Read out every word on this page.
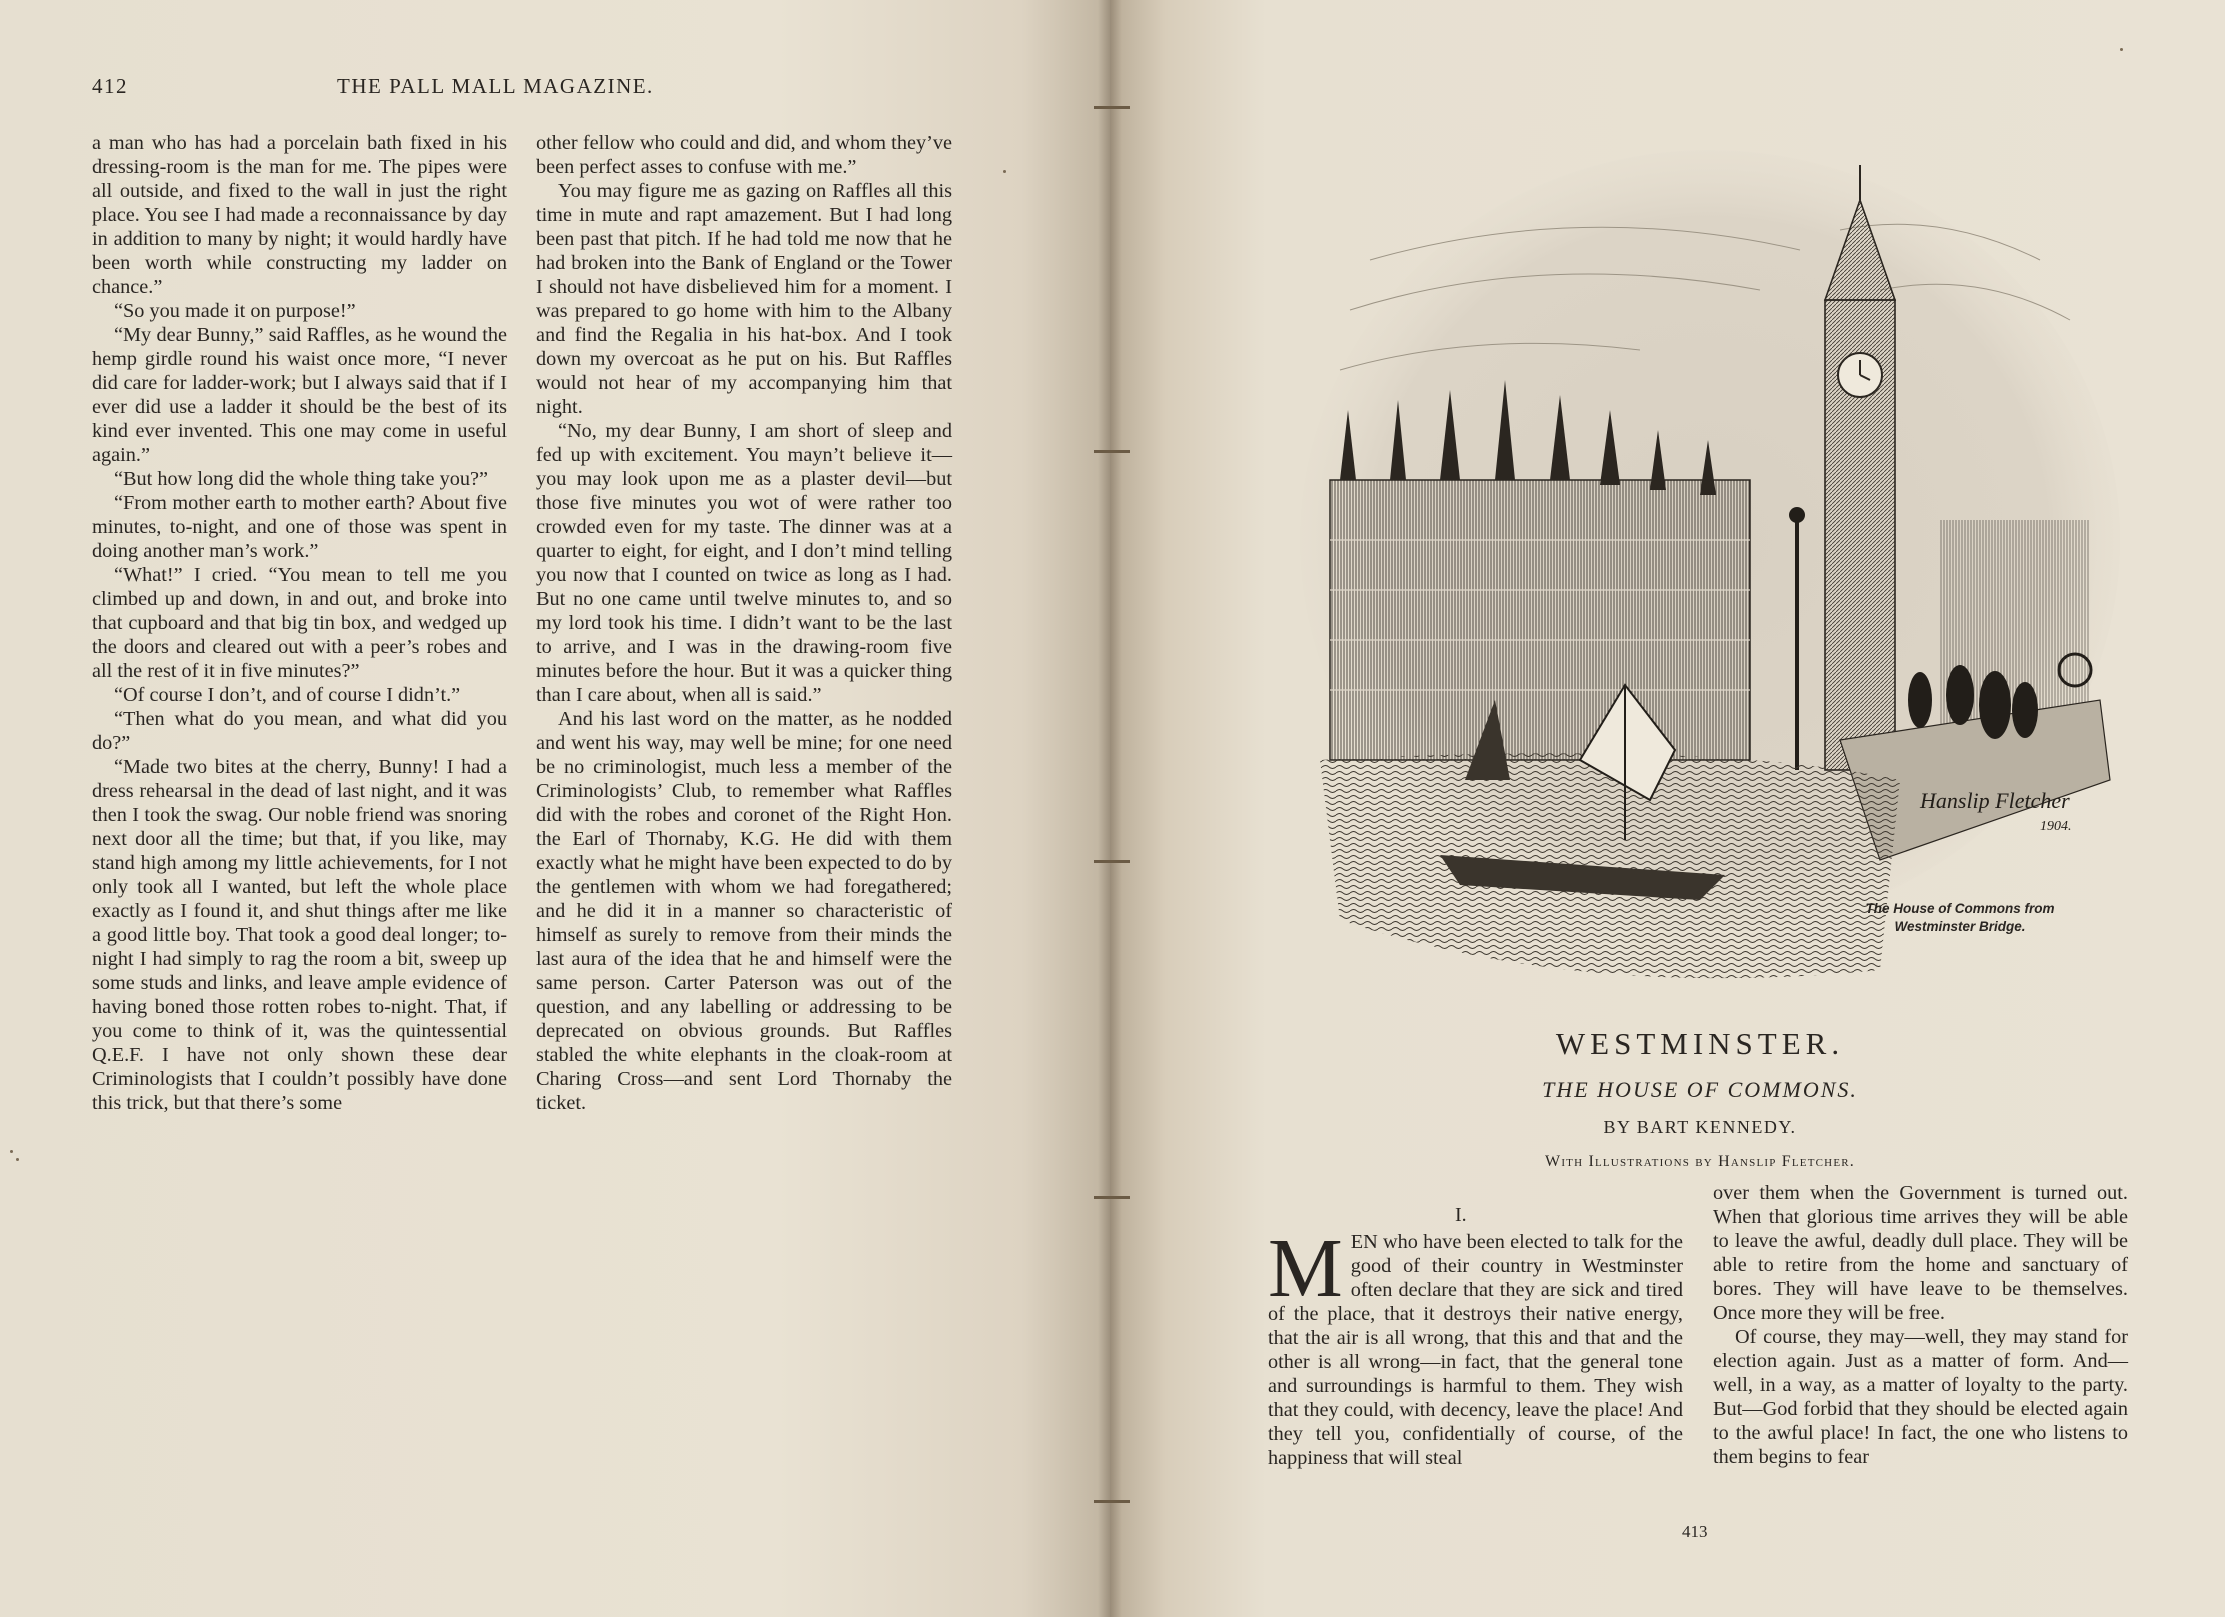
412	THE PALL MALL MAGAZINE.

a man who has had a porcelain bath fixed in his dressing-room is the man for me. The pipes were all outside, and fixed to the wall in just the right place. You see I had made a reconnaissance by day in addition to many by night; it would hardly have been worth while constructing my ladder on chance.”

“So you made it on purpose!”

“My dear Bunny,” said Raffles, as he wound the hemp girdle round his waist once more, “I never did care for ladder-work; but I always said that if I ever did use a ladder it should be the best of its kind ever invented. This one may come in useful again.”

“But how long did the whole thing take you?”

“From mother earth to mother earth? About five minutes, to-night, and one of those was spent in doing another man’s work.”

“What!” I cried. “You mean to tell me you climbed up and down, in and out, and broke into that cupboard and that big tin box, and wedged up the doors and cleared out with a peer’s robes and all the rest of it in five minutes?”

“Of course I don’t, and of course I didn’t.”

“Then what do you mean, and what did you do?”

“Made two bites at the cherry, Bunny! I had a dress rehearsal in the dead of last night, and it was then I took the swag. Our noble friend was snoring next door all the time; but that, if you like, may stand high among my little achievements, for I not only took all I wanted, but left the whole place exactly as I found it, and shut things after me like a good little boy. That took a good deal longer; to-night I had simply to rag the room a bit, sweep up some studs and links, and leave ample evidence of having boned those rotten robes to-night. That, if you come to think of it, was the quintessential Q.E.F. I have not only shown these dear Criminologists that I couldn’t possibly have done this trick, but that there’s some

other fellow who could and did, and whom they’ve been perfect asses to confuse with me.”

You may figure me as gazing on Raffles all this time in mute and rapt amazement. But I had long been past that pitch. If he had told me now that he had broken into the Bank of England or the Tower I should not have disbelieved him for a moment. I was prepared to go home with him to the Albany and find the Regalia in his hat-box. And I took down my overcoat as he put on his. But Raffles would not hear of my accompanying him that night.

“No, my dear Bunny, I am short of sleep and fed up with excitement. You mayn’t believe it—you may look upon me as a plaster devil—but those five minutes you wot of were rather too crowded even for my taste. The dinner was at a quarter to eight, for eight, and I don’t mind telling you now that I counted on twice as long as I had. But no one came until twelve minutes to, and so my lord took his time. I didn’t want to be the last to arrive, and I was in the drawing-room five minutes before the hour. But it was a quicker thing than I care about, when all is said.”

And his last word on the matter, as he nodded and went his way, may well be mine; for one need be no criminologist, much less a member of the Criminologists’ Club, to remember what Raffles did with the robes and coronet of the Right Hon. the Earl of Thornaby, K.G. He did with them exactly what he might have been expected to do by the gentlemen with whom we had foregathered; and he did it in a manner so characteristic of himself as surely to remove from their minds the last aura of the idea that he and himself were the same person. Carter Paterson was out of the question, and any labelling or addressing to be deprecated on obvious grounds. But Raffles stabled the white elephants in the cloak-room at Charing Cross—and sent Lord Thornaby the ticket.

Hanslip Fletcher
1904.
The House of Commons from
Westminster Bridge.
WESTMINSTER.
THE HOUSE OF COMMONS.
BY BART KENNEDY.
With Illustrations by Hanslip Fletcher.
I.

MEN who have been elected to talk for the good of their country in Westminster often declare that they are sick and tired of the place, that it destroys their native energy, that the air is all wrong, that this and that and the other is all wrong—in fact, that the general tone and surroundings is harmful to them. They wish that they could, with decency, leave the place! And they tell you, confidentially of course, of the happiness that will steal

over them when the Government is turned out. When that glorious time arrives they will be able to leave the awful, deadly dull place. They will be able to retire from the home and sanctuary of bores. They will have leave to be themselves. Once more they will be free.

Of course, they may—well, they may stand for election again. Just as a matter of form. And—well, in a way, as a matter of loyalty to the party. But—God forbid that they should be elected again to the awful place! In fact, the one who listens to them begins to fear

413
